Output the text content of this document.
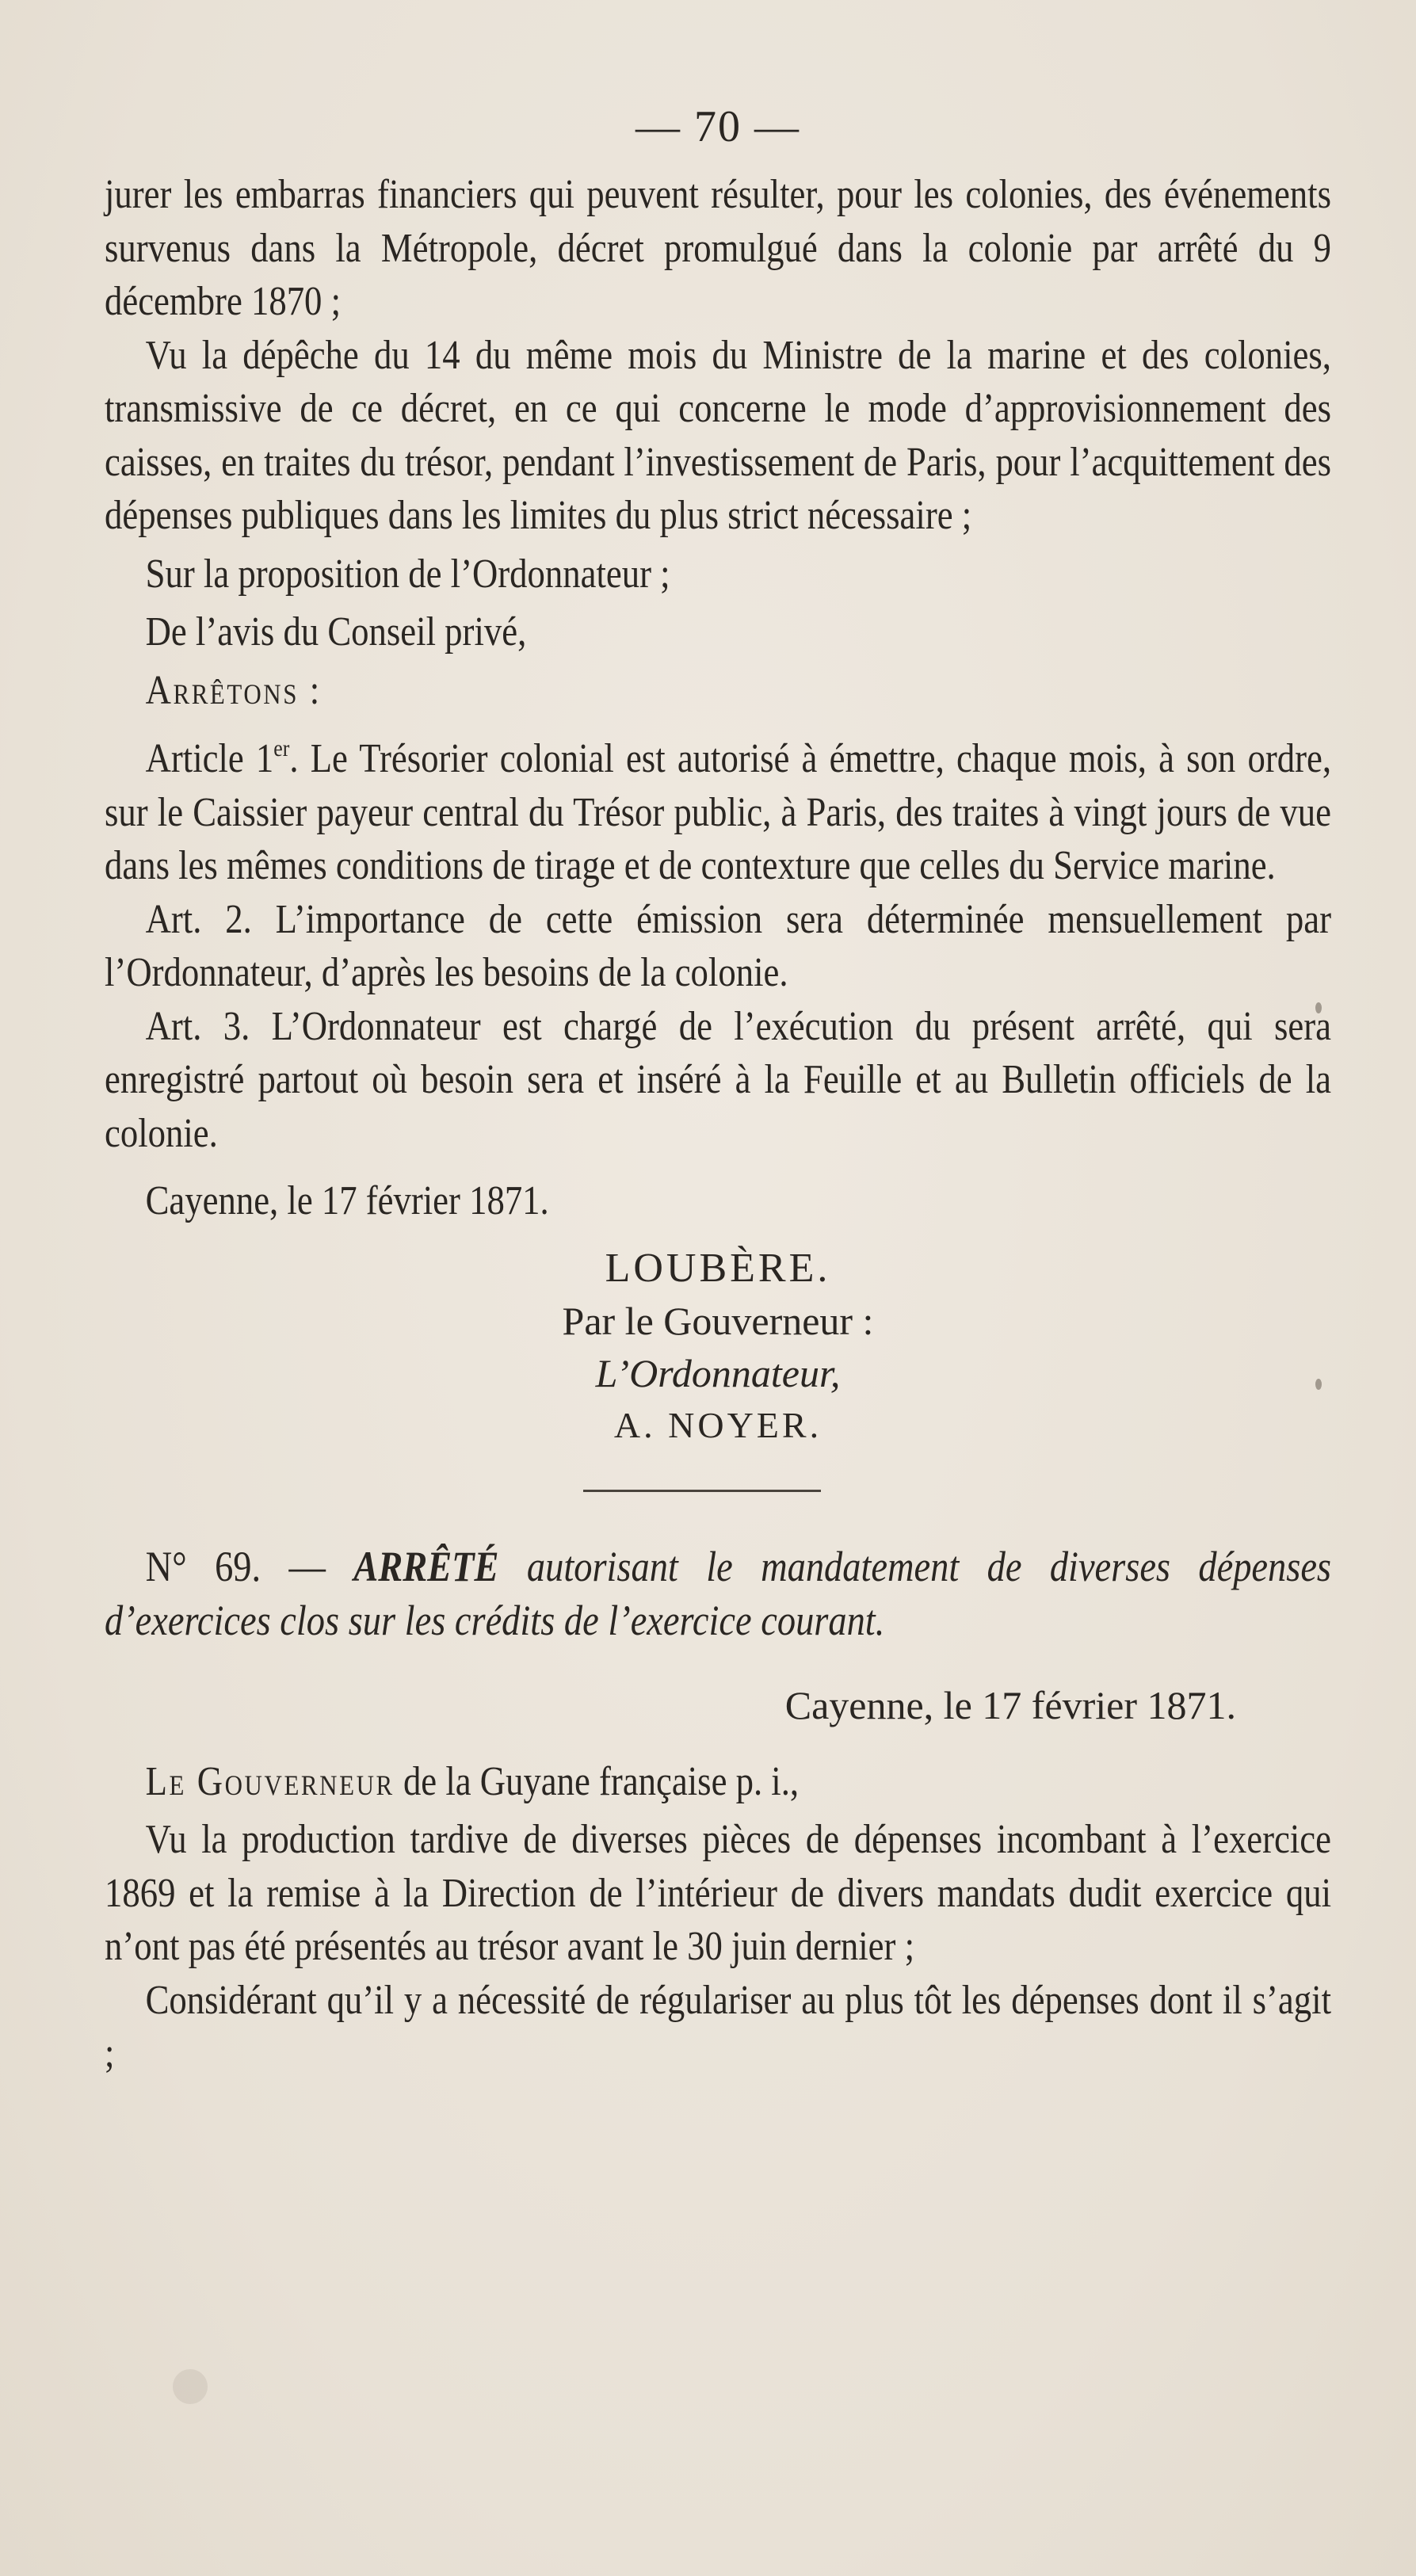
— 70 —

jurer les embarras financiers qui peuvent résulter, pour les colonies, des événements survenus dans la Métropole, décret promulgué dans la colonie par arrêté du 9 décembre 1870 ;

Vu la dépêche du 14 du même mois du Ministre de la marine et des colonies, transmissive de ce décret, en ce qui concerne le mode d’approvisionnement des caisses, en traites du trésor, pendant l’investissement de Paris, pour l’acquittement des dépenses publiques dans les limites du plus strict nécessaire ;

Sur la proposition de l’Ordonnateur ;

De l’avis du Conseil privé,

Arrêtons :

Article 1er. Le Trésorier colonial est autorisé à émettre, chaque mois, à son ordre, sur le Caissier payeur central du Trésor public, à Paris, des traites à vingt jours de vue dans les mêmes conditions de tirage et de contexture que celles du Service marine.

Art. 2. L’importance de cette émission sera déterminée mensuellement par l’Ordonnateur, d’après les besoins de la colonie.

Art. 3. L’Ordonnateur est chargé de l’exécution du présent arrêté, qui sera enregistré partout où besoin sera et inséré à la Feuille et au Bulletin officiels de la colonie.

Cayenne, le 17 février 1871.

LOUBÈRE.
Par le Gouverneur :
L’Ordonnateur,
A. NOYER.

N° 69. — ARRÊTÉ autorisant le mandatement de diverses dépenses d’exercices clos sur les crédits de l’exercice courant.

Cayenne, le 17 février 1871.

Le Gouverneur de la Guyane française p. i.,

Vu la production tardive de diverses pièces de dépenses incombant à l’exercice 1869 et la remise à la Direction de l’intérieur de divers mandats dudit exercice qui n’ont pas été présentés au trésor avant le 30 juin dernier ;

Considérant qu’il y a nécessité de régulariser au plus tôt les dépenses dont il s’agit ;
